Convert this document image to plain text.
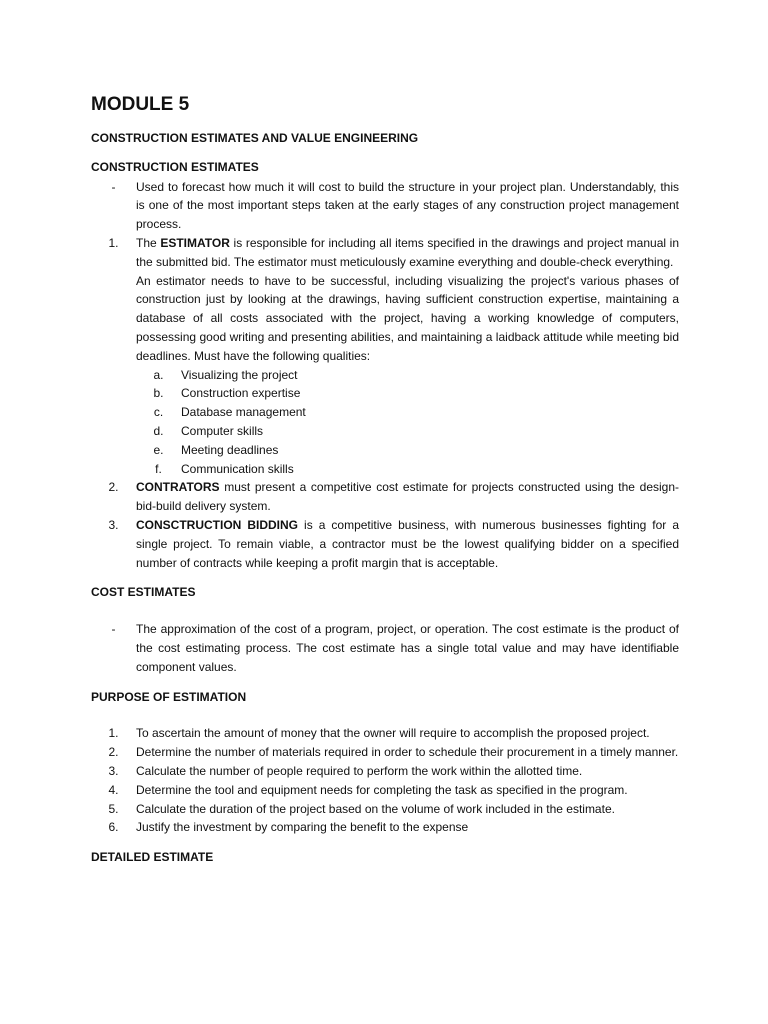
MODULE 5
CONSTRUCTION ESTIMATES AND VALUE ENGINEERING
CONSTRUCTION ESTIMATES
-	Used to forecast how much it will cost to build the structure in your project plan. Understandably, this is one of the most important steps taken at the early stages of any construction project management process.

1.	The ESTIMATOR is responsible for including all items specified in the drawings and project manual in the submitted bid. The estimator must meticulously examine everything and double-check everything.

An estimator needs to have to be successful, including visualizing the project's various phases of construction just by looking at the drawings, having sufficient construction expertise, maintaining a database of all costs associated with the project, having a working knowledge of computers, possessing good writing and presenting abilities, and maintaining a laidback attitude while meeting bid deadlines. Must have the following qualities:

a.	Visualizing the project
b.	Construction expertise
c.	Database management
d.	Computer skills
e.	Meeting deadlines
f.	Communication skills
2.	CONTRATORS must present a competitive cost estimate for projects constructed using the design-bid-build delivery system.

3.	CONSCTRUCTION BIDDING is a competitive business, with numerous businesses fighting for a single project. To remain viable, a contractor must be the lowest qualifying bidder on a specified number of contracts while keeping a profit margin that is acceptable.

COST ESTIMATES
-	The approximation of the cost of a program, project, or operation. The cost estimate is the product of the cost estimating process. The cost estimate has a single total value and may have identifiable component values.

PURPOSE OF ESTIMATION
1.	To ascertain the amount of money that the owner will require to accomplish the proposed project.

2.	Determine the number of materials required in order to schedule their procurement in a timely manner.

3.	Calculate the number of people required to perform the work within the allotted time.

4.	Determine the tool and equipment needs for completing the task as specified in the program.

5.	Calculate the duration of the project based on the volume of work included in the estimate.

6.	Justify the investment by comparing the benefit to the expense

DETAILED ESTIMATE
